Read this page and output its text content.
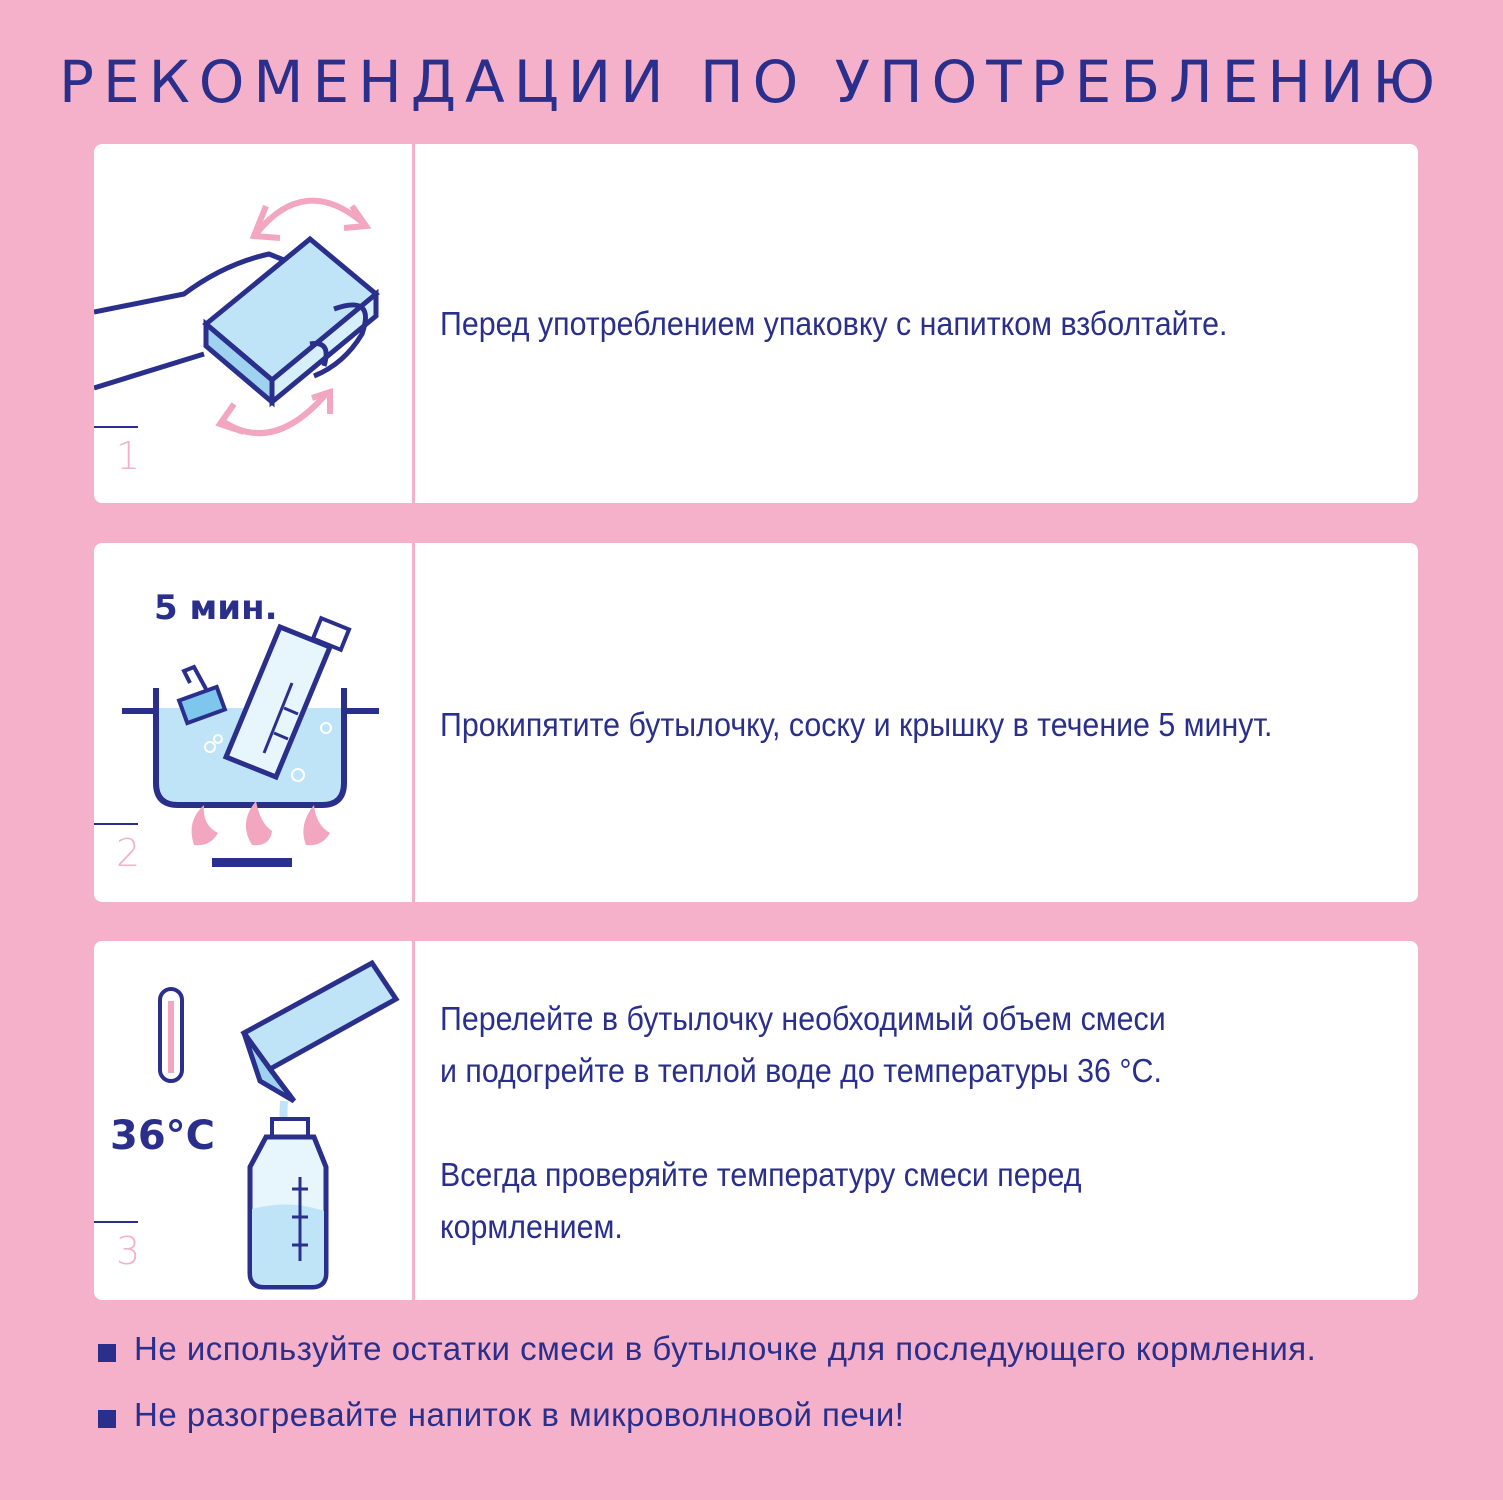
РЕКОМЕНДАЦИИ ПО УПОТРЕБЛЕНИЮ
1
Перед употреблением упаковку с напитком взболтайте.
5 мин.
2
Прокипятите бутылочку, соску и крышку в течение 5 минут.
36°C
3
Перелейте в бутылочку необходимый объем смеси
и подогрейте в теплой воде до температуры 36 °С.
Всегда проверяйте температуру смеси перед
кормлением.
Не используйте остатки смеси в бутылочке для последующего кормления.
Не разогревайте напиток в микроволновой печи!
